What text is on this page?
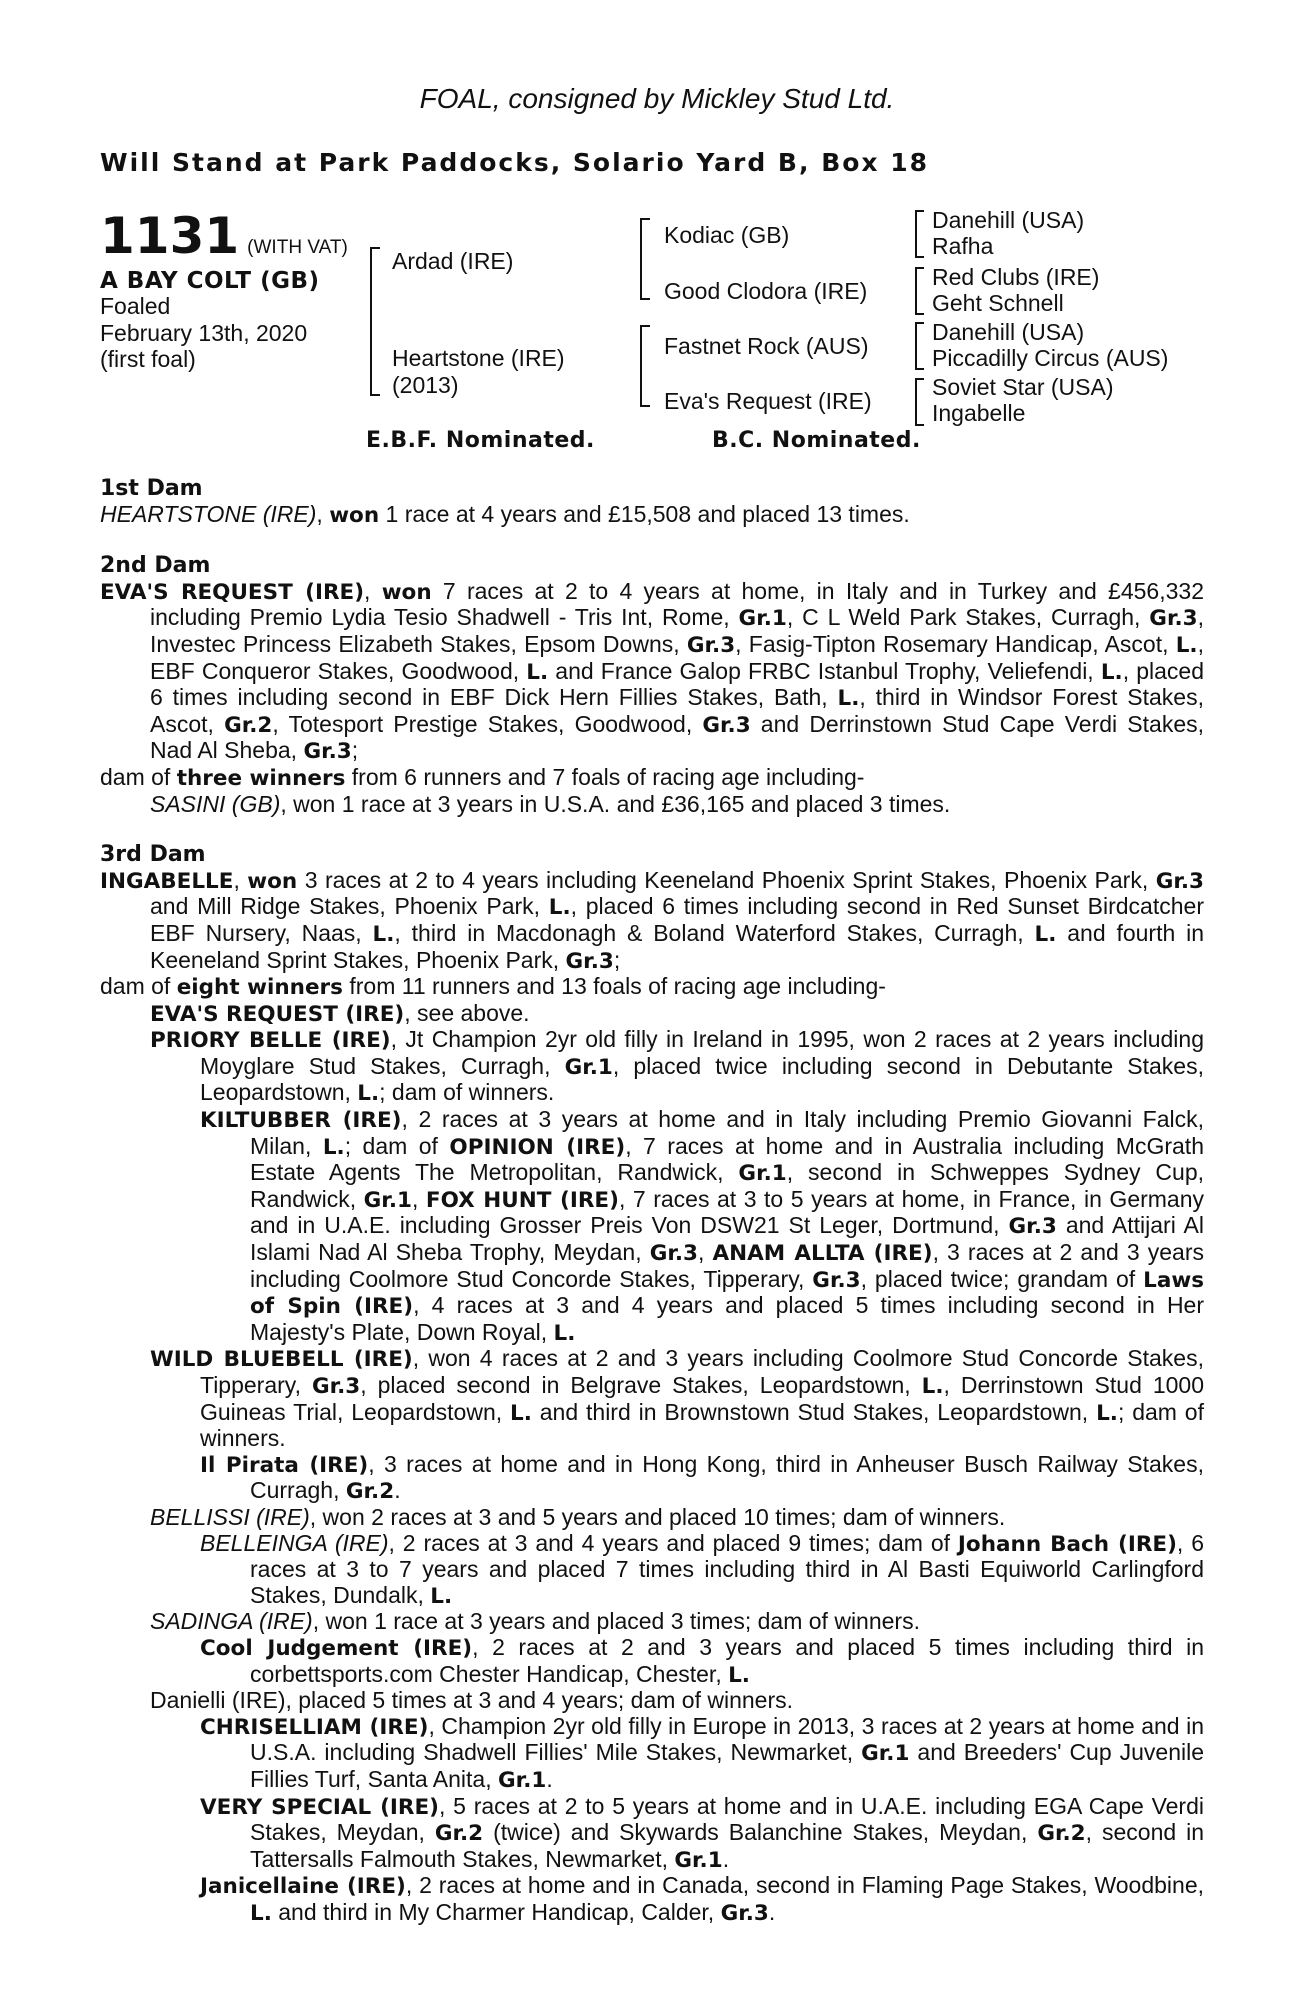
FOAL, consigned by Mickley Stud Ltd.
Will Stand at Park Paddocks, Solario Yard B, Box 18
1131 (WITH VAT)
A BAY COLT (GB)
Foaled
February 13th, 2020
(first foal)
Ardad (IRE)
Heartstone (IRE)
(2013)
Kodiac (GB)
Good Clodora (IRE)
Fastnet Rock (AUS)
Eva's Request (IRE)
Danehill (USA)
Rafha
Red Clubs (IRE)
Geht Schnell
Danehill (USA)
Piccadilly Circus (AUS)
Soviet Star (USA)
Ingabelle
E.B.F. Nominated.	B.C. Nominated.
1st Dam

HEARTSTONE (IRE), won 1 race at 4 years and £15,508 and placed 13 times.

2nd Dam

EVA'S REQUEST (IRE), won 7 races at 2 to 4 years at home, in Italy and in Turkey and £456,332 including Premio Lydia Tesio Shadwell - Tris Int, Rome, Gr.1, C L Weld Park Stakes, Curragh, Gr.3, Investec Princess Elizabeth Stakes, Epsom Downs, Gr.3, Fasig-Tipton Rosemary Handicap, Ascot, L., EBF Conqueror Stakes, Goodwood, L. and France Galop FRBC Istanbul Trophy, Veliefendi, L., placed 6 times including second in EBF Dick Hern Fillies Stakes, Bath, L., third in Windsor Forest Stakes, Ascot, Gr.2, Totesport Prestige Stakes, Goodwood, Gr.3 and Derrinstown Stud Cape Verdi Stakes, Nad Al Sheba, Gr.3;

dam of three winners from 6 runners and 7 foals of racing age including-

SASINI (GB), won 1 race at 3 years in U.S.A. and £36,165 and placed 3 times.

3rd Dam

INGABELLE, won 3 races at 2 to 4 years including Keeneland Phoenix Sprint Stakes, Phoenix Park, Gr.3 and Mill Ridge Stakes, Phoenix Park, L., placed 6 times including second in Red Sunset Birdcatcher EBF Nursery, Naas, L., third in Macdonagh & Boland Waterford Stakes, Curragh, L. and fourth in Keeneland Sprint Stakes, Phoenix Park, Gr.3;

dam of eight winners from 11 runners and 13 foals of racing age including-

EVA'S REQUEST (IRE), see above.

PRIORY BELLE (IRE), Jt Champion 2yr old filly in Ireland in 1995, won 2 races at 2 years including Moyglare Stud Stakes, Curragh, Gr.1, placed twice including second in Debutante Stakes, Leopardstown, L.; dam of winners.

KILTUBBER (IRE), 2 races at 3 years at home and in Italy including Premio Giovanni Falck, Milan, L.; dam of OPINION (IRE), 7 races at home and in Australia including McGrath Estate Agents The Metropolitan, Randwick, Gr.1, second in Schweppes Sydney Cup, Randwick, Gr.1, FOX HUNT (IRE), 7 races at 3 to 5 years at home, in France, in Germany and in U.A.E. including Grosser Preis Von DSW21 St Leger, Dortmund, Gr.3 and Attijari Al Islami Nad Al Sheba Trophy, Meydan, Gr.3, ANAM ALLTA (IRE), 3 races at 2 and 3 years including Coolmore Stud Concorde Stakes, Tipperary, Gr.3, placed twice; grandam of Laws of Spin (IRE), 4 races at 3 and 4 years and placed 5 times including second in Her Majesty's Plate, Down Royal, L.

WILD BLUEBELL (IRE), won 4 races at 2 and 3 years including Coolmore Stud Concorde Stakes, Tipperary, Gr.3, placed second in Belgrave Stakes, Leopardstown, L., Derrinstown Stud 1000 Guineas Trial, Leopardstown, L. and third in Brownstown Stud Stakes, Leopardstown, L.; dam of winners.

Il Pirata (IRE), 3 races at home and in Hong Kong, third in Anheuser Busch Railway Stakes, Curragh, Gr.2.

BELLISSI (IRE), won 2 races at 3 and 5 years and placed 10 times; dam of winners.

BELLEINGA (IRE), 2 races at 3 and 4 years and placed 9 times; dam of Johann Bach (IRE), 6 races at 3 to 7 years and placed 7 times including third in Al Basti Equiworld Carlingford Stakes, Dundalk, L.

SADINGA (IRE), won 1 race at 3 years and placed 3 times; dam of winners.

Cool Judgement (IRE), 2 races at 2 and 3 years and placed 5 times including third in corbettsports.com Chester Handicap, Chester, L.

Danielli (IRE), placed 5 times at 3 and 4 years; dam of winners.

CHRISELLIAM (IRE), Champion 2yr old filly in Europe in 2013, 3 races at 2 years at home and in U.S.A. including Shadwell Fillies' Mile Stakes, Newmarket, Gr.1 and Breeders' Cup Juvenile Fillies Turf, Santa Anita, Gr.1.

VERY SPECIAL (IRE), 5 races at 2 to 5 years at home and in U.A.E. including EGA Cape Verdi Stakes, Meydan, Gr.2 (twice) and Skywards Balanchine Stakes, Meydan, Gr.2, second in Tattersalls Falmouth Stakes, Newmarket, Gr.1.

Janicellaine (IRE), 2 races at home and in Canada, second in Flaming Page Stakes, Woodbine, L. and third in My Charmer Handicap, Calder, Gr.3.
